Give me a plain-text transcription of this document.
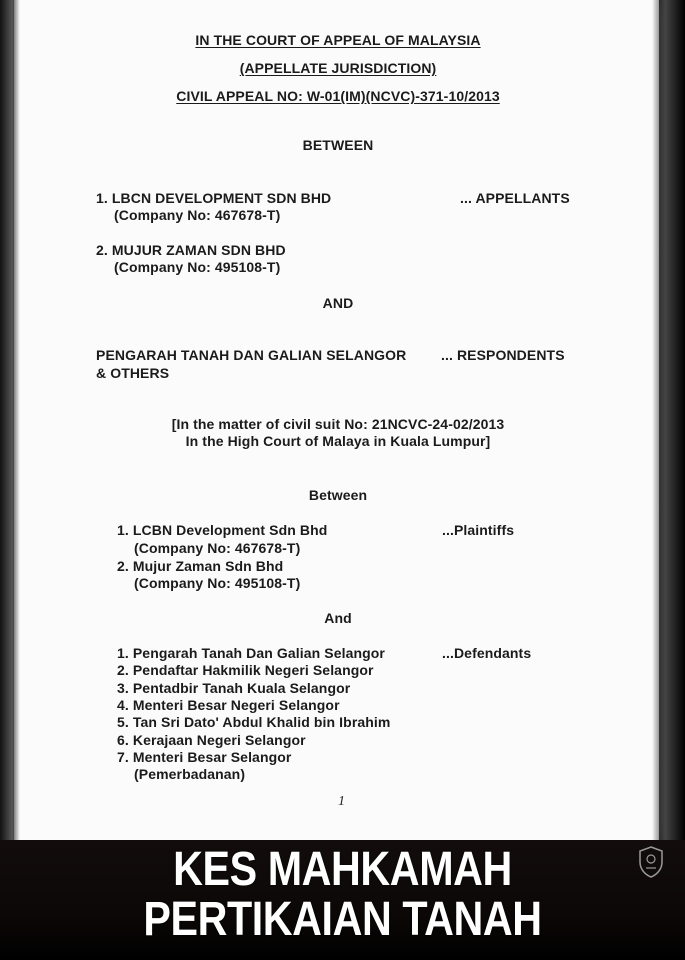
IN THE COURT OF APPEAL OF MALAYSIA
(APPELLATE JURISDICTION)
CIVIL APPEAL NO: W-01(IM)(NCVC)-371-10/2013
BETWEEN
1. LBCN DEVELOPMENT SDN BHD	... APPELLANTS
(Company No: 467678-T)
2. MUJUR ZAMAN SDN BHD
(Company No: 495108-T)
AND
PENGARAH TANAH DAN GALIAN SELANGOR ... RESPONDENTS
& OTHERS
[In the matter of civil suit No: 21NCVC-24-02/2013
In the High Court of Malaya in Kuala Lumpur]
Between
1. LCBN Development Sdn Bhd	...Plaintiffs
(Company No: 467678-T)
2. Mujur Zaman Sdn Bhd
(Company No: 495108-T)
And
...Defendants
1. Pengarah Tanah Dan Galian Selangor
2. Pendaftar Hakmilik Negeri Selangor
3. Pentadbir Tanah Kuala Selangor
4. Menteri Besar Negeri Selangor
5. Tan Sri Dato' Abdul Khalid bin Ibrahim
6. Kerajaan Negeri Selangor
7. Menteri Besar Selangor
(Pemerbadanan)
1
KES MAHKAMAH
PERTIKAIAN TANAH
